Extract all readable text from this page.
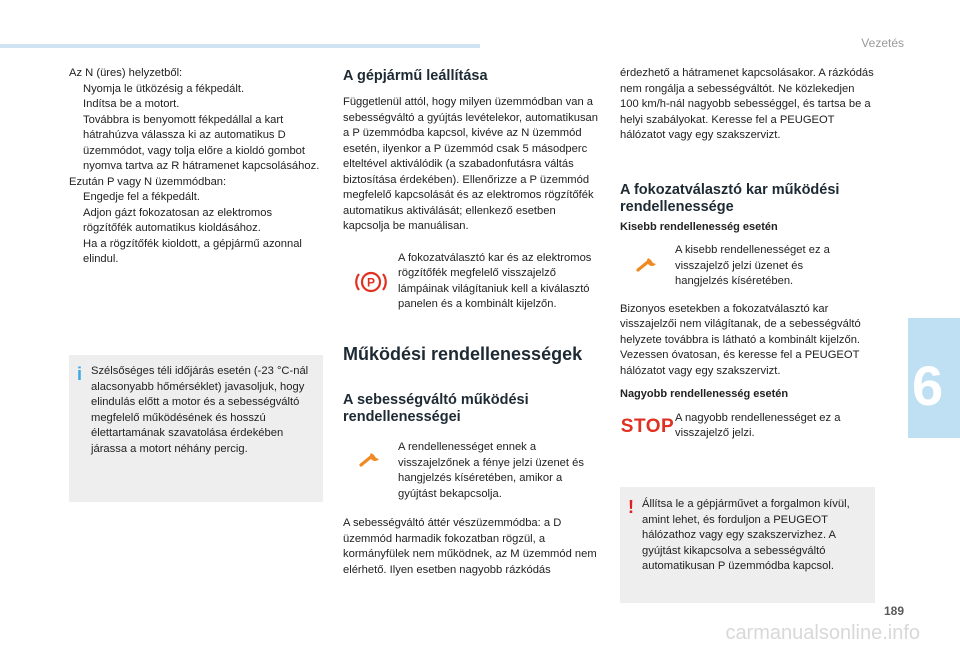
Vezetés
6

Az N (üres) helyzetből:

Nyomja le ütközésig a fékpedált.
Indítsa be a motort.
Továbbra is benyomott fékpedállal a kart hátrahúzva válassza ki az automatikus D üzemmódot, vagy tolja előre a kioldó gombot nyomva tartva az R hátramenet kapcsolásához.

Ezután P vagy N üzemmódban:

Engedje fel a fékpedált.
Adjon gázt fokozatosan az elektromos rögzítőfék automatikus kioldásához.
Ha a rögzítőfék kioldott, a gépjármű azonnal elindul.
i Szélsőséges téli időjárás esetén (-23 °C-nál alacsonyabb hőmérséklet) javasoljuk, hogy elindulás előtt a motor és a sebességváltó megfelelő működésének és hosszú élettartamának szavatolása érdekében járassa a motort néhány percig.
A gépjármű leállítása

Függetlenül attól, hogy milyen üzemmódban van a sebességváltó a gyújtás levételekor, automatikusan a P üzemmódba kapcsol, kivéve az N üzemmód esetén, ilyenkor a P üzemmód csak 5 másodperc elteltével aktiválódik (a szabadonfutásra váltás biztosítása érdekében). Ellenőrizze a P üzemmód megfelelő kapcsolását és az elektromos rögzítőfék automatikus aktiválását; ellenkező esetben kapcsolja be manuálisan.

P
A fokozatválasztó kar és az elektromos rögzítőfék megfelelő visszajelző lámpáinak világítaniuk kell a kiválasztó panelen és a kombinált kijelzőn.
Működési rendellenességek
A sebességváltó működési rendellenességei
A rendellenességet ennek a visszajelzőnek a fénye jelzi üzenet és hangjelzés kíséretében, amikor a gyújtást bekapcsolja.

A sebességváltó áttér vészüzemmódba: a D üzemmód harmadik fokozatban rögzül, a kormányfülek nem működnek, az M üzemmód nem elérhető. Ilyen esetben nagyobb rázkódás

érdezhető a hátramenet kapcsolásakor. A rázkódás nem rongálja a sebességváltót. Ne közlekedjen 100 km/h-nál nagyobb sebességgel, és tartsa be a helyi szabályokat. Keresse fel a PEUGEOT hálózatot vagy egy szakszervizt.

A fokozatválasztó kar működési rendellenessége
Kisebb rendellenesség esetén
A kisebb rendellenességet ez a visszajelző jelzi üzenet és hangjelzés kíséretében.

Bizonyos esetekben a fokozatválasztó kar visszajelzői nem világítanak, de a sebességváltó helyzete továbbra is látható a kombinált kijelzőn. Vezessen óvatosan, és keresse fel a PEUGEOT hálózatot vagy egy szakszervizt.

Nagyobb rendellenesség esetén
STOP A nagyobb rendellenességet ez a visszajelző jelzi.
! Állítsa le a gépjárművet a forgalmon kívül, amint lehet, és forduljon a PEUGEOT hálózathoz vagy egy szakszervizhez. A gyújtást kikapcsolva a sebességváltó automatikusan P üzemmódba kapcsol.
189
carmanualsonline.info
